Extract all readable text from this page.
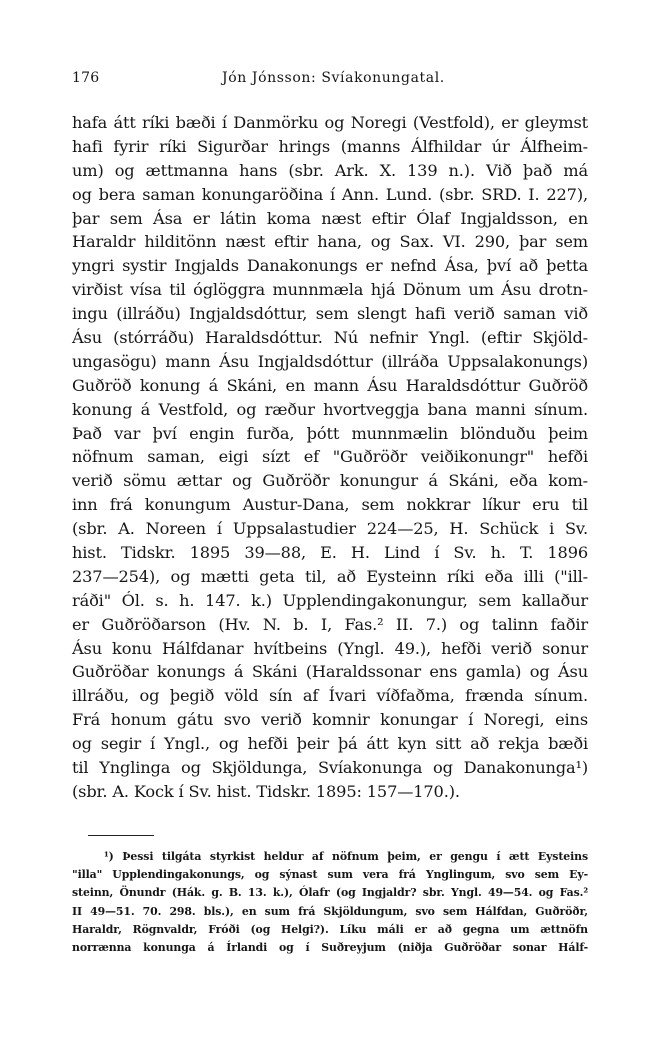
176	Jón Jónsson: Svíakonungatal.
hafa átt ríki bæði í Danmörku og Noregi (Vestfold), er gleymst
hafi fyrir ríki Sigurðar hrings (manns Álfhildar úr Álfheim-
um) og ættmanna hans (sbr. Ark. X. 139 n.). Við það má
og bera saman konungaröðina í Ann. Lund. (sbr. SRD. I. 227),
þar sem Ása er látin koma næst eftir Ólaf Ingjaldsson, en
Haraldr hilditönn næst eftir hana, og Sax. VI. 290, þar sem
yngri systir Ingjalds Danakonungs er nefnd Ása, því að þetta
virðist vísa til óglöggra munnmæla hjá Dönum um Ásu drotn-
ingu (illráðu) Ingjaldsdóttur, sem slengt hafi verið saman við
Ásu (stórráðu) Haraldsdóttur. Nú nefnir Yngl. (eftir Skjöld-
ungasögu) mann Ásu Ingjaldsdóttur (illráða Uppsalakonungs)
Guðröð konung á Skáni, en mann Ásu Haraldsdóttur Guðröð
konung á Vestfold, og ræður hvortveggja bana manni sínum.
Það var því engin furða, þótt munnmælin blönduðu þeim
nöfnum saman, eigi sízt ef "Guðröðr veiðikonungr" hefði
verið sömu ættar og Guðröðr konungur á Skáni, eða kom-
inn frá konungum Austur-Dana, sem nokkrar líkur eru til
(sbr. A. Noreen í Uppsalastudier 224—25, H. Schück i Sv.
hist. Tidskr. 1895 39—88, E. H. Lind í Sv. h. T. 1896
237—254), og mætti geta til, að Eysteinn ríki eða illi ("ill-
ráði" Ól. s. h. 147. k.) Upplendingakonungur, sem kallaður
er Guðröðarson (Hv. N. b. I, Fas.² II. 7.) og talinn faðir
Ásu konu Hálfdanar hvítbeins (Yngl. 49.), hefði verið sonur
Guðröðar konungs á Skáni (Haraldssonar ens gamla) og Ásu
illráðu, og þegið völd sín af Ívari víðfaðma, frænda sínum.
Frá honum gátu svo verið komnir konungar í Noregi, eins
og segir í Yngl., og hefði þeir þá átt kyn sitt að rekja bæði
til Ynglinga og Skjöldunga, Svíakonunga og Danakonunga¹)
(sbr. A. Kock í Sv. hist. Tidskr. 1895: 157—170.).
¹) Þessi tilgáta styrkist heldur af nöfnum þeim, er gengu í ætt Eysteins
"illa" Upplendingakonungs, og sýnast sum vera frá Ynglingum, svo sem Ey-
steinn, Önundr (Hák. g. B. 13. k.), Ólafr (og Ingjaldr? sbr. Yngl. 49—54. og Fas.²
II 49—51. 70. 298. bls.), en sum frá Skjöldungum, svo sem Hálfdan, Guðröðr,
Haraldr, Rögnvaldr, Fróði (og Helgi?). Líku máli er að gegna um ættnöfn
norrænna konunga á Írlandi og í Suðreyjum (niðja Guðröðar sonar Hálf-
